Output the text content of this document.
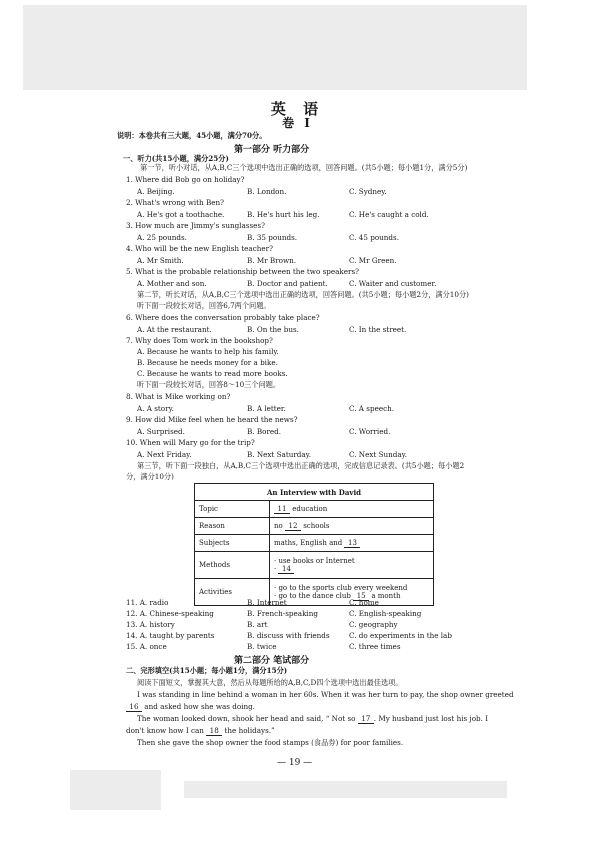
英 语
卷 Ⅰ
说明：本卷共有三大题，45小题，满分70分。
第一部分 听力部分
一、听力(共15小题，满分25分)
第一节，听小对话，从A,B,C三个选项中选出正确的选项，回答问题。(共5小题；每小题1分，满分5分)
1. Where did Bob go on holiday?
A. Beijing.	B. London.	C. Sydney.
2. What's wrong with Ben?
A. He's got a toothache.	B. He's hurt his leg.	C. He's caught a cold.
3. How much are Jimmy's sunglasses?
A. 25 pounds.	B. 35 pounds.	C. 45 pounds.
4. Who will be the new English teacher?
A. Mr Smith.	B. Mr Brown.	C. Mr Green.
5. What is the probable relationship between the two speakers?
A. Mother and son.	B. Doctor and patient.	C. Waiter and customer.
第二节，听长对话，从A,B,C三个选项中选出正确的选项，回答问题。(共5小题；每小题2分，满分10分)
听下面一段较长对话，回答6,7两个问题。
6. Where does the conversation probably take place?
A. At the restaurant.	B. On the bus.	C. In the street.
7. Why does Tom work in the bookshop?
A. Because he wants to help his family.
B. Because he needs money for a bike.
C. Because he wants to read more books.
听下面一段较长对话，回答8～10三个问题。
8. What is Mike working on?
A. A story.	B. A letter.	C. A speech.
9. How did Mike feel when he heard the news?
A. Surprised.	B. Bored.	C. Worried.
10. When will Mary go for the trip?
A. Next Friday.	B. Next Saturday.	C. Next Sunday.
第三节，听下面一段独白，从A,B,C三个选项中选出正确的选项，完成信息记录表。(共5小题；每小题2
分，满分10分)
An Interview with David	
Topic	11 education
Reason	no 12 schools
Subjects	maths, English and 13
Methods	· use books or Internet
· 14

Activities	· go to the sports club every weekend
· go to the dance club 15 a month
11. A. radio	B. Internet	C. home
12. A. Chinese-speaking	B. French-speaking	C. English-speaking
13. A. history	B. art	C. geography
14. A. taught by parents	B. discuss with friends	C. do experiments in the lab
15. A. once	B. twice	C. three times
第二部分 笔试部分
二、完形填空(共15小题；每小题1分，满分15分)
阅读下面短文，掌握其大意，然后从每题所给的A,B,C,D四个选项中选出最佳选项。
I was standing in line behind a woman in her 60s. When it was her turn to pay, the shop owner greeted
16 and asked how she was doing.
The woman looked down, shook her head and said, “ Not so 17 . My husband just lost his job. I
don't know how I can 18 the holidays.”
Then she gave the shop owner the food stamps (食品券) for poor families.
— 19 —
